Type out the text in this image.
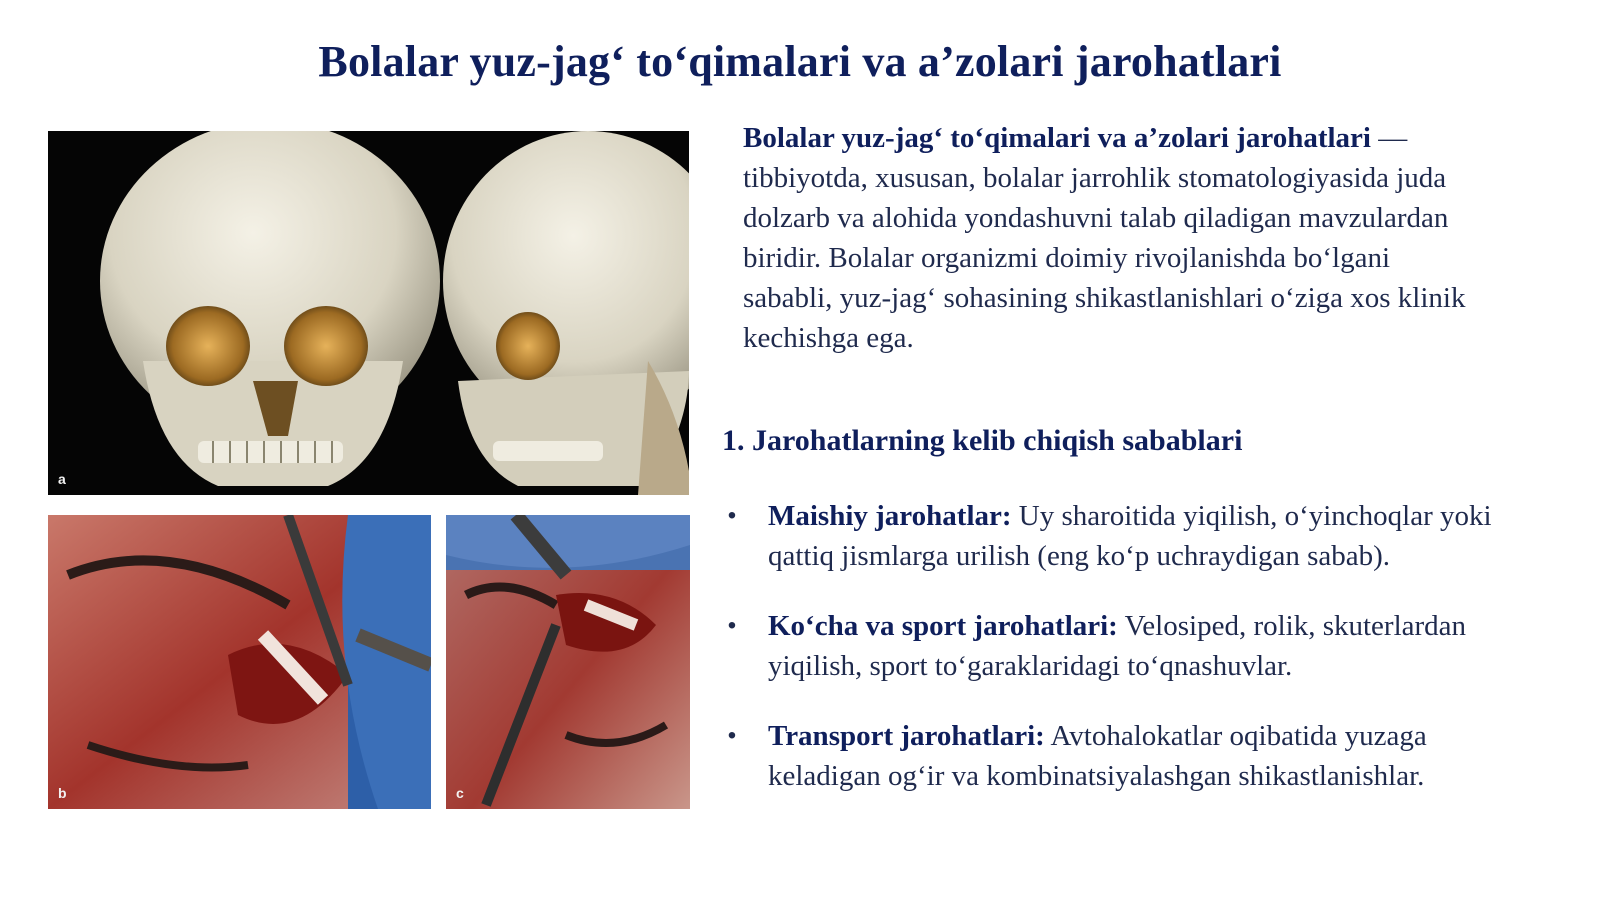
Bolalar yuz-jag‘ to‘qimalari va a’zolari jarohatlari
a
b	c
Bolalar yuz-jag‘ to‘qimalari va a’zolari jarohatlari — tibbiyotda, xususan, bolalar jarrohlik stomatologiyasida juda dolzarb va alohida yondashuvni talab qiladigan mavzulardan biridir. Bolalar organizmi doimiy rivojlanishda bo‘lgani sababli, yuz-jag‘ sohasining shikastlanishlari o‘ziga xos klinik kechishga ega.
1. Jarohatlarning kelib chiqish sabablari
• Maishiy jarohatlar: Uy sharoitida yiqilish, o‘yinchoqlar yoki qattiq jismlarga urilish (eng ko‘p uchraydigan sabab).
• Ko‘cha va sport jarohatlari: Velosiped, rolik, skuterlardan yiqilish, sport to‘garaklaridagi to‘qnashuvlar.
• Transport jarohatlari: Avtohalokatlar oqibatida yuzaga keladigan og‘ir va kombinatsiyalashgan shikastlanishlar.
